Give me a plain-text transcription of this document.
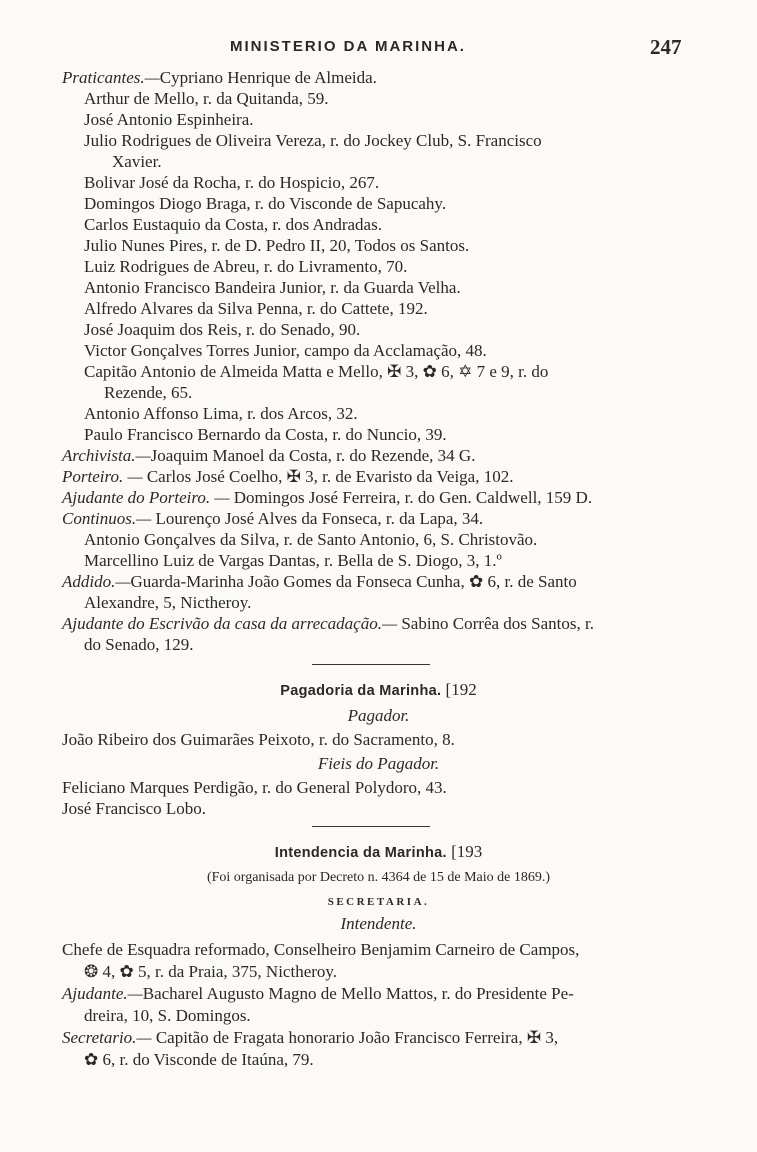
MINISTERIO DA MARINHA.	247
Praticantes.—Cypriano Henrique de Almeida.
Arthur de Mello, r. da Quitanda, 59.
José Antonio Espinheira.
Julio Rodrigues de Oliveira Vereza, r. do Jockey Club, S. Francisco
Xavier.
Bolivar José da Rocha, r. do Hospicio, 267.
Domingos Diogo Braga, r. do Visconde de Sapucahy.
Carlos Eustaquio da Costa, r. dos Andradas.
Julio Nunes Pires, r. de D. Pedro II, 20, Todos os Santos.
Luiz Rodrigues de Abreu, r. do Livramento, 70.
Antonio Francisco Bandeira Junior, r. da Guarda Velha.
Alfredo Alvares da Silva Penna, r. do Cattete, 192.
José Joaquim dos Reis, r. do Senado, 90.
Victor Gonçalves Torres Junior, campo da Acclamação, 48.
Capitão Antonio de Almeida Matta e Mello, ✠ 3, ✿ 6, ✡ 7 e 9, r. do
Rezende, 65.
Antonio Affonso Lima, r. dos Arcos, 32.
Paulo Francisco Bernardo da Costa, r. do Nuncio, 39.
Archivista.—Joaquim Manoel da Costa, r. do Rezende, 34 G.
Porteiro. — Carlos José Coelho, ✠ 3, r. de Evaristo da Veiga, 102.
Ajudante do Porteiro. — Domingos José Ferreira, r. do Gen. Caldwell, 159 D.
Continuos.— Lourenço José Alves da Fonseca, r. da Lapa, 34.
Antonio Gonçalves da Silva, r. de Santo Antonio, 6, S. Christovão.
Marcellino Luiz de Vargas Dantas, r. Bella de S. Diogo, 3, 1.º
Addido.—Guarda-Marinha João Gomes da Fonseca Cunha, ✿ 6, r. de Santo
Alexandre, 5, Nictheroy.
Ajudante do Escrivão da casa da arrecadação.— Sabino Corrêa dos Santos, r.
do Senado, 129.
Pagadoria da Marinha. [192
Pagador.
João Ribeiro dos Guimarães Peixoto, r. do Sacramento, 8.
Fieis do Pagador.
Feliciano Marques Perdigão, r. do General Polydoro, 43.
José Francisco Lobo.
Intendencia da Marinha. [193
(Foi organisada por Decreto n. 4364 de 15 de Maio de 1869.)
SECRETARIA.
Intendente.
Chefe de Esquadra reformado, Conselheiro Benjamim Carneiro de Campos,
❂ 4, ✿ 5, r. da Praia, 375, Nictheroy.
Ajudante.—Bacharel Augusto Magno de Mello Mattos, r. do Presidente Pe-
dreira, 10, S. Domingos.
Secretario.— Capitão de Fragata honorario João Francisco Ferreira, ✠ 3,
✿ 6, r. do Visconde de Itaúna, 79.
